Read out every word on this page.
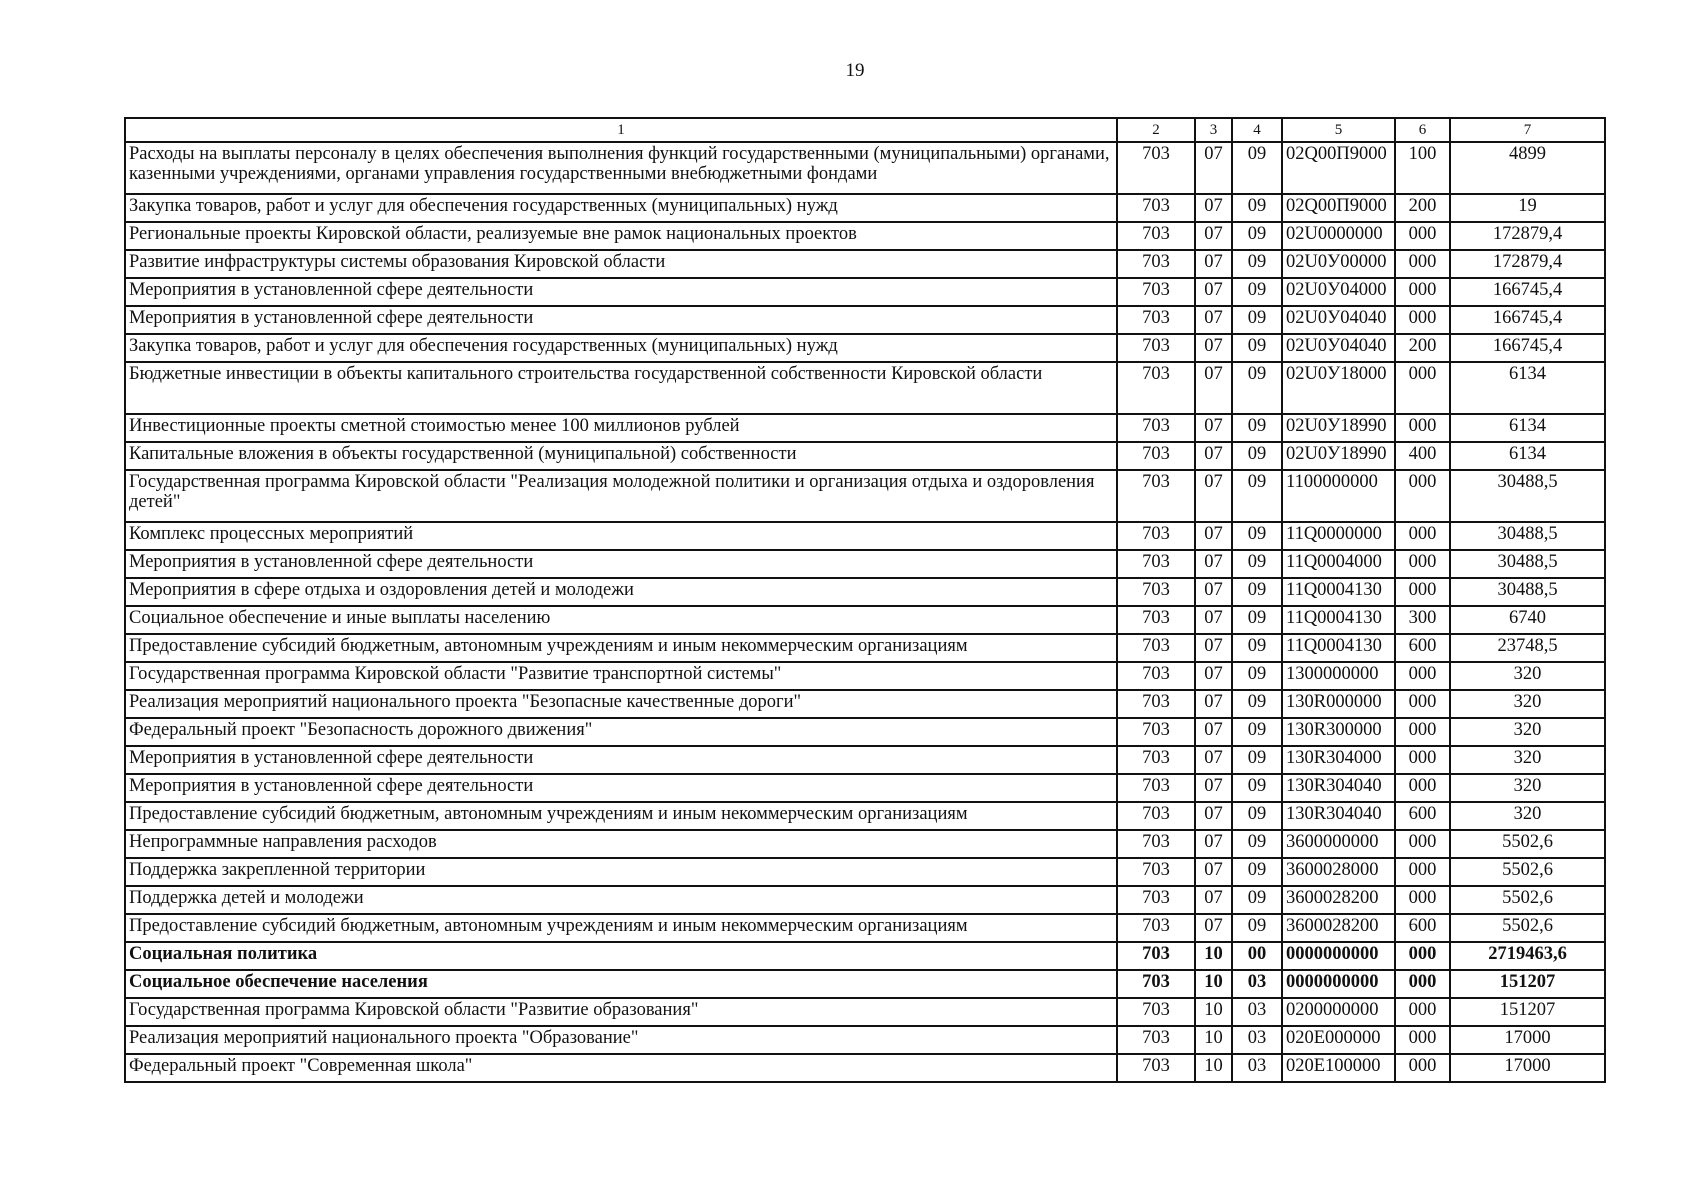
19
1	2	3	4	5	6	7
Расходы на выплаты персоналу в целях обеспечения выполнения функций государственными (муниципальными) органами, казенными учреждениями, органами управления государственными внебюджетными фондами	703	07	09	02Q00П9000	100	4899
Закупка товаров, работ и услуг для обеспечения государственных (муниципальных) нужд	703	07	09	02Q00П9000	200	19
Региональные проекты Кировской области, реализуемые вне рамок национальных проектов	703	07	09	02U0000000	000	172879,4
Развитие инфраструктуры системы образования Кировской области	703	07	09	02U0У00000	000	172879,4
Мероприятия в установленной сфере деятельности	703	07	09	02U0У04000	000	166745,4
Мероприятия в установленной сфере деятельности	703	07	09	02U0У04040	000	166745,4
Закупка товаров, работ и услуг для обеспечения государственных (муниципальных) нужд	703	07	09	02U0У04040	200	166745,4
Бюджетные инвестиции в объекты капитального строительства государственной собственности Кировской области	703	07	09	02U0У18000	000	6134
Инвестиционные проекты сметной стоимостью менее 100 миллионов рублей	703	07	09	02U0У18990	000	6134
Капитальные вложения в объекты государственной (муниципальной) собственности	703	07	09	02U0У18990	400	6134
Государственная программа Кировской области "Реализация молодежной политики и организация отдыха и оздоровления детей"	703	07	09	1100000000	000	30488,5
Комплекс процессных мероприятий	703	07	09	11Q0000000	000	30488,5
Мероприятия в установленной сфере деятельности	703	07	09	11Q0004000	000	30488,5
Мероприятия в сфере отдыха и оздоровления детей и молодежи	703	07	09	11Q0004130	000	30488,5
Социальное обеспечение и иные выплаты населению	703	07	09	11Q0004130	300	6740
Предоставление субсидий бюджетным, автономным учреждениям и иным некоммерческим организациям	703	07	09	11Q0004130	600	23748,5
Государственная программа Кировской области "Развитие транспортной системы"	703	07	09	1300000000	000	320
Реализация мероприятий национального проекта "Безопасные качественные дороги"	703	07	09	130R000000	000	320
Федеральный проект "Безопасность дорожного движения"	703	07	09	130R300000	000	320
Мероприятия в установленной сфере деятельности	703	07	09	130R304000	000	320
Мероприятия в установленной сфере деятельности	703	07	09	130R304040	000	320
Предоставление субсидий бюджетным, автономным учреждениям и иным некоммерческим организациям	703	07	09	130R304040	600	320
Непрограммные направления расходов	703	07	09	3600000000	000	5502,6
Поддержка закрепленной территории	703	07	09	3600028000	000	5502,6
Поддержка детей и молодежи	703	07	09	3600028200	000	5502,6
Предоставление субсидий бюджетным, автономным учреждениям и иным некоммерческим организациям	703	07	09	3600028200	600	5502,6
Социальная политика	703	10	00	0000000000	000	2719463,6
Социальное обеспечение населения	703	10	03	0000000000	000	151207
Государственная программа Кировской области "Развитие образования"	703	10	03	0200000000	000	151207
Реализация мероприятий национального проекта "Образование"	703	10	03	020E000000	000	17000
Федеральный проект "Современная школа"	703	10	03	020E100000	000	17000
